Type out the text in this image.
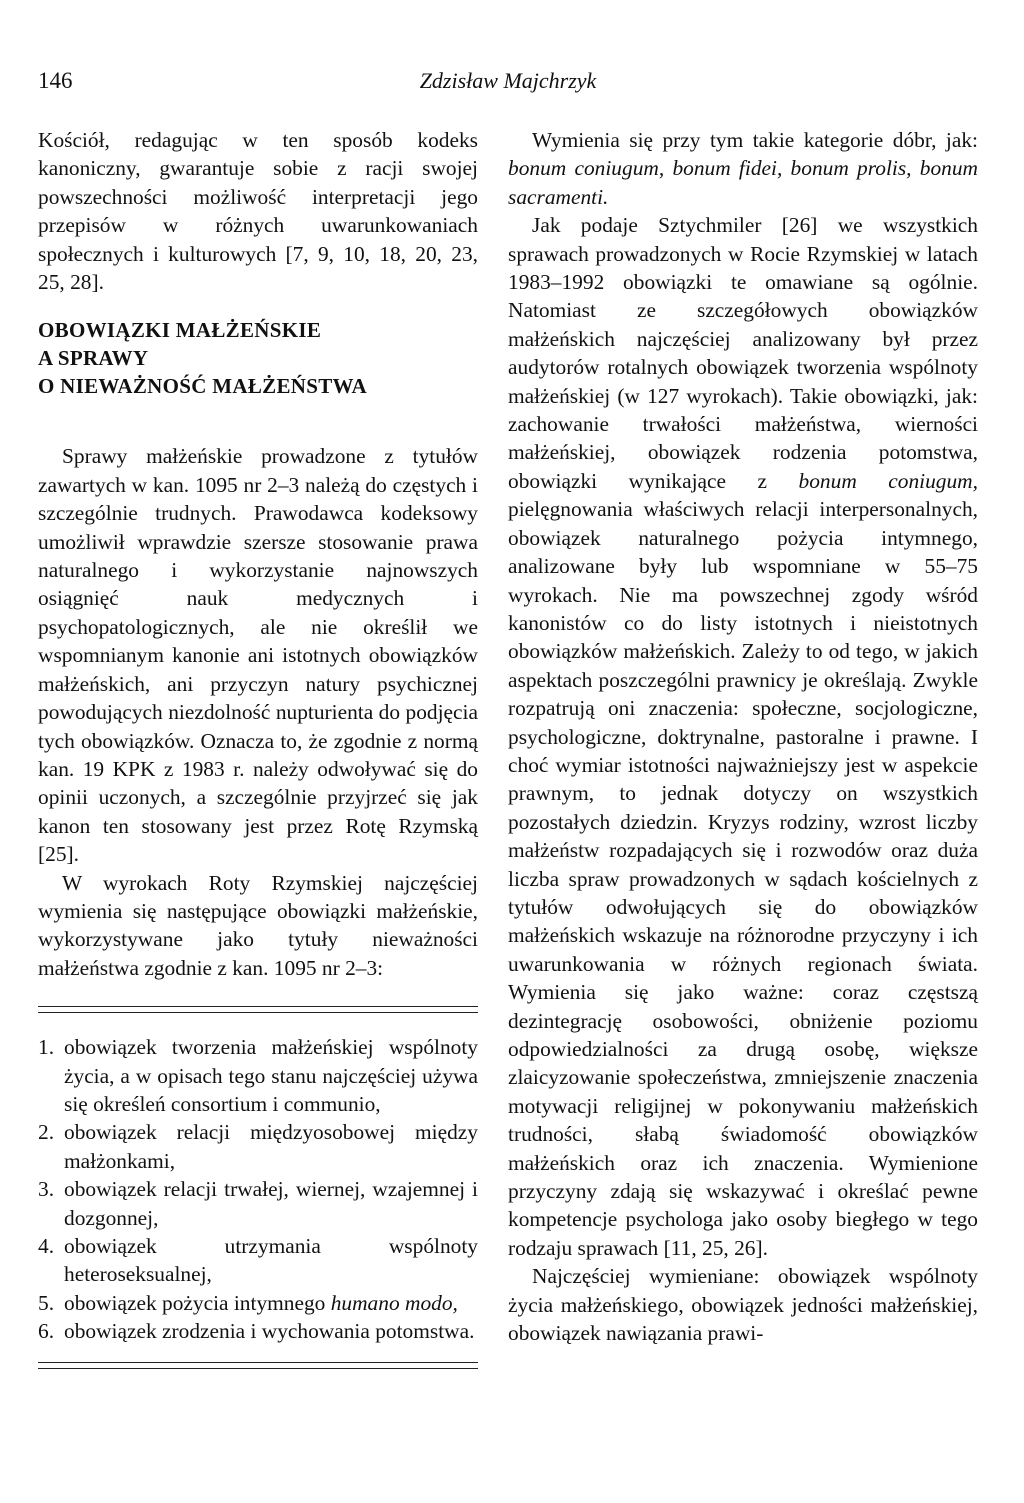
146	Zdzisław Majchrzyk

Kościół, redagując w ten sposób kodeks kanoniczny, gwarantuje sobie z racji swojej powszechności możliwość interpretacji jego przepisów w różnych uwarunkowaniach społecznych i kulturowych [7, 9, 10, 18, 20, 23, 25, 28].

OBOWIĄZKI MAŁŻEŃSKIE
A SPRAWY
O NIEWAŻNOŚĆ MAŁŻEŃSTWA

Sprawy małżeńskie prowadzone z tytułów zawartych w kan. 1095 nr 2–3 należą do częstych i szczególnie trudnych. Prawodawca kodeksowy umożliwił wprawdzie szersze stosowanie prawa naturalnego i wykorzystanie najnowszych osiągnięć nauk medycznych i psychopatologicznych, ale nie określił we wspomnianym kanonie ani istotnych obowiązków małżeńskich, ani przyczyn natury psychicznej powodujących niezdolność nupturienta do podjęcia tych obowiązków. Oznacza to, że zgodnie z normą kan. 19 KPK z 1983 r. należy odwoływać się do opinii uczonych, a szczególnie przyjrzeć się jak kanon ten stosowany jest przez Rotę Rzymską [25].

W wyrokach Roty Rzymskiej najczęściej wymienia się następujące obowiązki małżeńskie, wykorzystywane jako tytuły nieważności małżeństwa zgodnie z kan. 1095 nr 2–3:

1. obowiązek tworzenia małżeńskiej wspólnoty życia, a w opisach tego stanu najczęściej używa się określeń consortium i communio,
2. obowiązek relacji międzyosobowej między małżonkami,
3. obowiązek relacji trwałej, wiernej, wzajemnej i dozgonnej,
4. obowiązek utrzymania wspólnoty heteroseksualnej,
5. obowiązek pożycia intymnego humano modo,
6. obowiązek zrodzenia i wychowania potomstwa.

Wymienia się przy tym takie kategorie dóbr, jak: bonum coniugum, bonum fidei, bonum prolis, bonum sacramenti.

Jak podaje Sztychmiler [26] we wszystkich sprawach prowadzonych w Rocie Rzymskiej w latach 1983–1992 obowiązki te omawiane są ogólnie. Natomiast ze szczegółowych obowiązków małżeńskich najczęściej analizowany był przez audytorów rotalnych obowiązek tworzenia wspólnoty małżeńskiej (w 127 wyrokach). Takie obowiązki, jak: zachowanie trwałości małżeństwa, wierności małżeńskiej, obowiązek rodzenia potomstwa, obowiązki wynikające z bonum coniugum, pielęgnowania właściwych relacji interpersonalnych, obowiązek naturalnego pożycia intymnego, analizowane były lub wspomniane w 55–75 wyrokach. Nie ma powszechnej zgody wśród kanonistów co do listy istotnych i nieistotnych obowiązków małżeńskich. Zależy to od tego, w jakich aspektach poszczególni prawnicy je określają. Zwykle rozpatrują oni znaczenia: społeczne, socjologiczne, psychologiczne, doktrynalne, pastoralne i prawne. I choć wymiar istotności najważniejszy jest w aspekcie prawnym, to jednak dotyczy on wszystkich pozostałych dziedzin. Kryzys rodziny, wzrost liczby małżeństw rozpadających się i rozwodów oraz duża liczba spraw prowadzonych w sądach kościelnych z tytułów odwołujących się do obowiązków małżeńskich wskazuje na różnorodne przyczyny i ich uwarunkowania w różnych regionach świata. Wymienia się jako ważne: coraz częstszą dezintegrację osobowości, obniżenie poziomu odpowiedzialności za drugą osobę, większe zlaicyzowanie społeczeństwa, zmniejszenie znaczenia motywacji religijnej w pokonywaniu małżeńskich trudności, słabą świadomość obowiązków małżeńskich oraz ich znaczenia. Wymienione przyczyny zdają się wskazywać i określać pewne kompetencje psychologa jako osoby biegłego w tego rodzaju sprawach [11, 25, 26].

Najczęściej wymieniane: obowiązek wspólnoty życia małżeńskiego, obowiązek jedności małżeńskiej, obowiązek nawiązania prawi-
